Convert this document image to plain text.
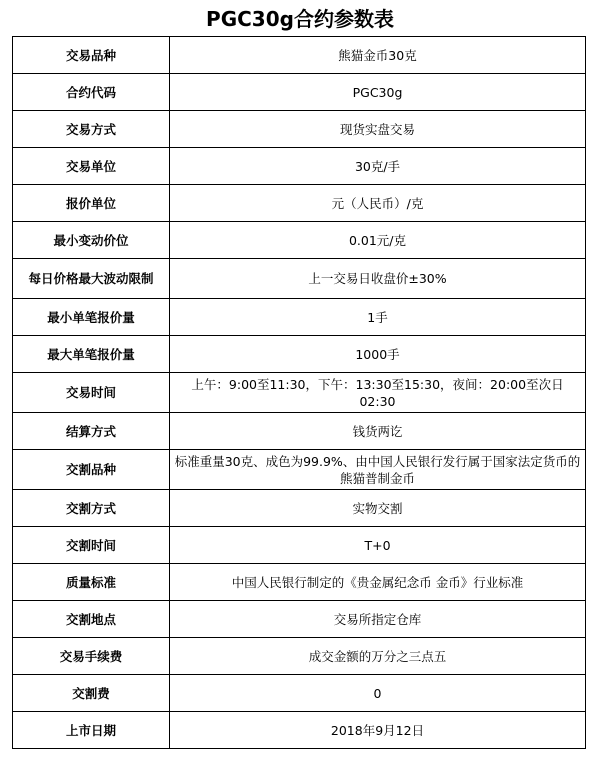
PGC30g合约参数表
交易品种	熊猫金币30克
合约代码	PGC30g
交易方式	现货实盘交易
交易单位	30克/手
报价单位	元（人民币）/克
最小变动价位	0.01元/克
每日价格最大波动限制	上一交易日收盘价±30%
最小单笔报价量	1手
最大单笔报价量	1000手
交易时间	上午：9:00至11:30，下午：13:30至15:30，夜间：20:00至次日02:30
结算方式	钱货两讫
交割品种	标准重量30克、成色为99.9%、由中国人民银行发行属于国家法定货币的熊猫普制金币
交割方式	实物交割
交割时间	T+0
质量标准	中国人民银行制定的《贵金属纪念币 金币》行业标准
交割地点	交易所指定仓库
交易手续费	成交金额的万分之三点五
交割费	0
上市日期	2018年9月12日
